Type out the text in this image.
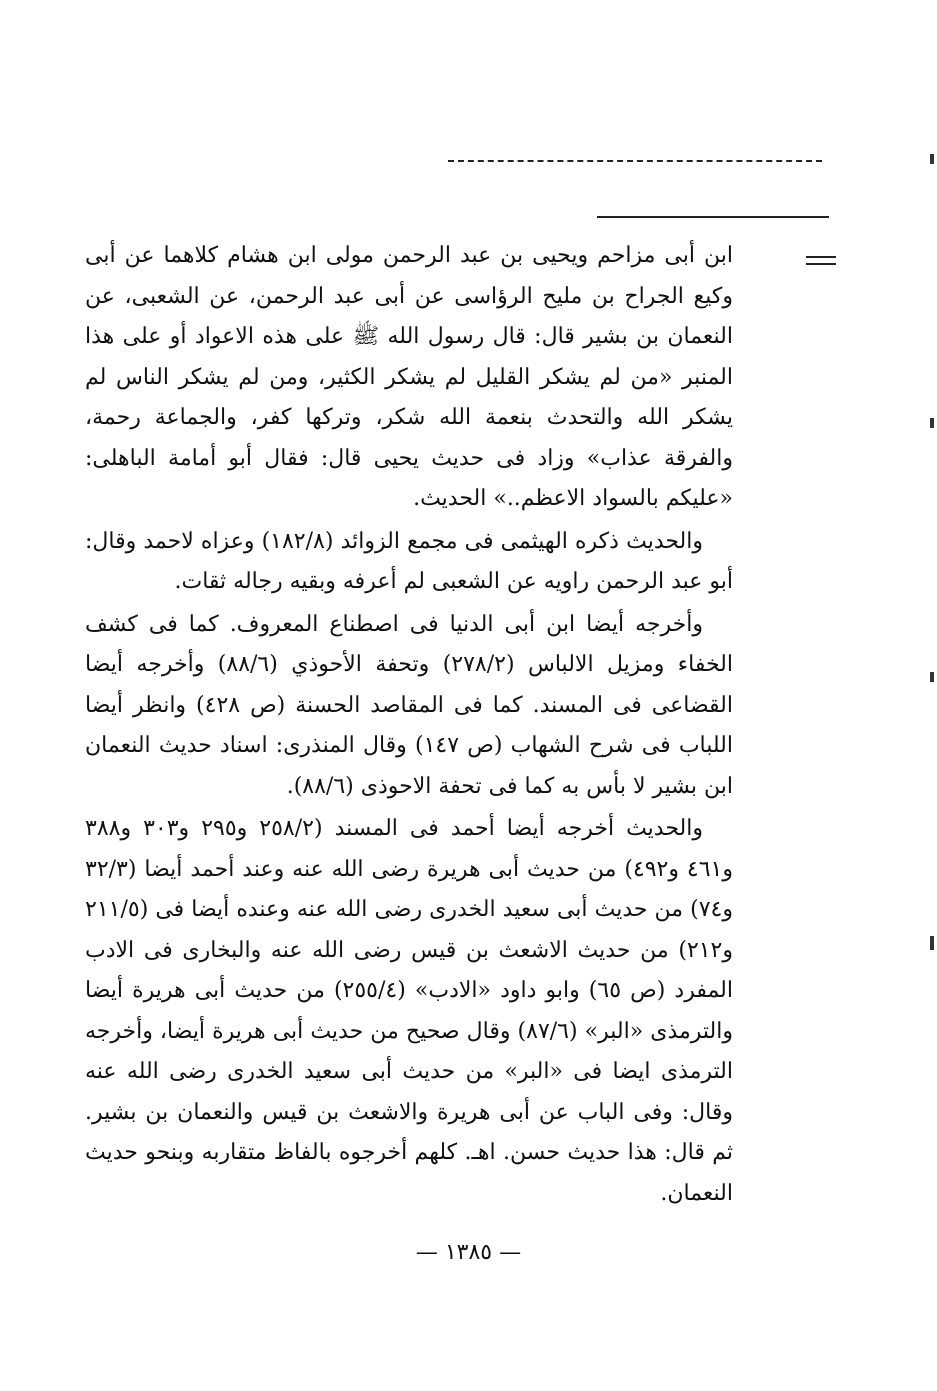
ابن أبى مزاحم ويحيى بن عبد الرحمن مولى ابن هشام كلاهما عن أبى وكيع الجراح بن مليح الرؤاسى عن أبى عبد الرحمن، عن الشعبى، عن النعمان بن بشير قال: قال رسول الله ﷺ على هذه الاعواد أو على هذا المنبر «من لم يشكر القليل لم يشكر الكثير، ومن لم يشكر الناس لم يشكر الله والتحدث بنعمة الله شكر، وتركها كفر، والجماعة رحمة، والفرقة عذاب» وزاد فى حديث يحيى قال: فقال أبو أمامة الباهلى: «عليكم بالسواد الاعظم..» الحديث.

والحديث ذكره الهيثمى فى مجمع الزوائد (١٨٢/٨) وعزاه لاحمد وقال: أبو عبد الرحمن راويه عن الشعبى لم أعرفه وبقيه رجاله ثقات.

وأخرجه أيضا ابن أبى الدنيا فى اصطناع المعروف. كما فى كشف الخفاء ومزيل الالباس (٢٧٨/٢) وتحفة الأحوذي (٨٨/٦) وأخرجه أيضا القضاعى فى المسند. كما فى المقاصد الحسنة (ص ٤٢٨) وانظر أيضا اللباب فى شرح الشهاب (ص ١٤٧) وقال المنذرى: اسناد حديث النعمان ابن بشير لا بأس به كما فى تحفة الاحوذى (٨٨/٦).

والحديث أخرجه أيضا أحمد فى المسند (٢٥٨/٢ و٢٩٥ و٣٠٣ و٣٨٨ و٤٦١ و٤٩٢) من حديث أبى هريرة رضى الله عنه وعند أحمد أيضا (٣٢/٣ و٧٤) من حديث أبى سعيد الخدرى رضى الله عنه وعنده أيضا فى (٢١١/٥ و٢١٢) من حديث الاشعث بن قيس رضى الله عنه والبخارى فى الادب المفرد (ص ٦٥) وابو داود «الادب» (٢٥٥/٤) من حديث أبى هريرة أيضا والترمذى «البر» (٨٧/٦) وقال صحيح من حديث أبى هريرة أيضا، وأخرجه الترمذى ايضا فى «البر» من حديث أبى سعيد الخدرى رضى الله عنه وقال: وفى الباب عن أبى هريرة والاشعث بن قيس والنعمان بن بشير. ثم قال: هذا حديث حسن. اهـ. كلهم أخرجوه بالفاظ متقاربه وبنحو حديث النعمان.

— ١٣٨٥ —
